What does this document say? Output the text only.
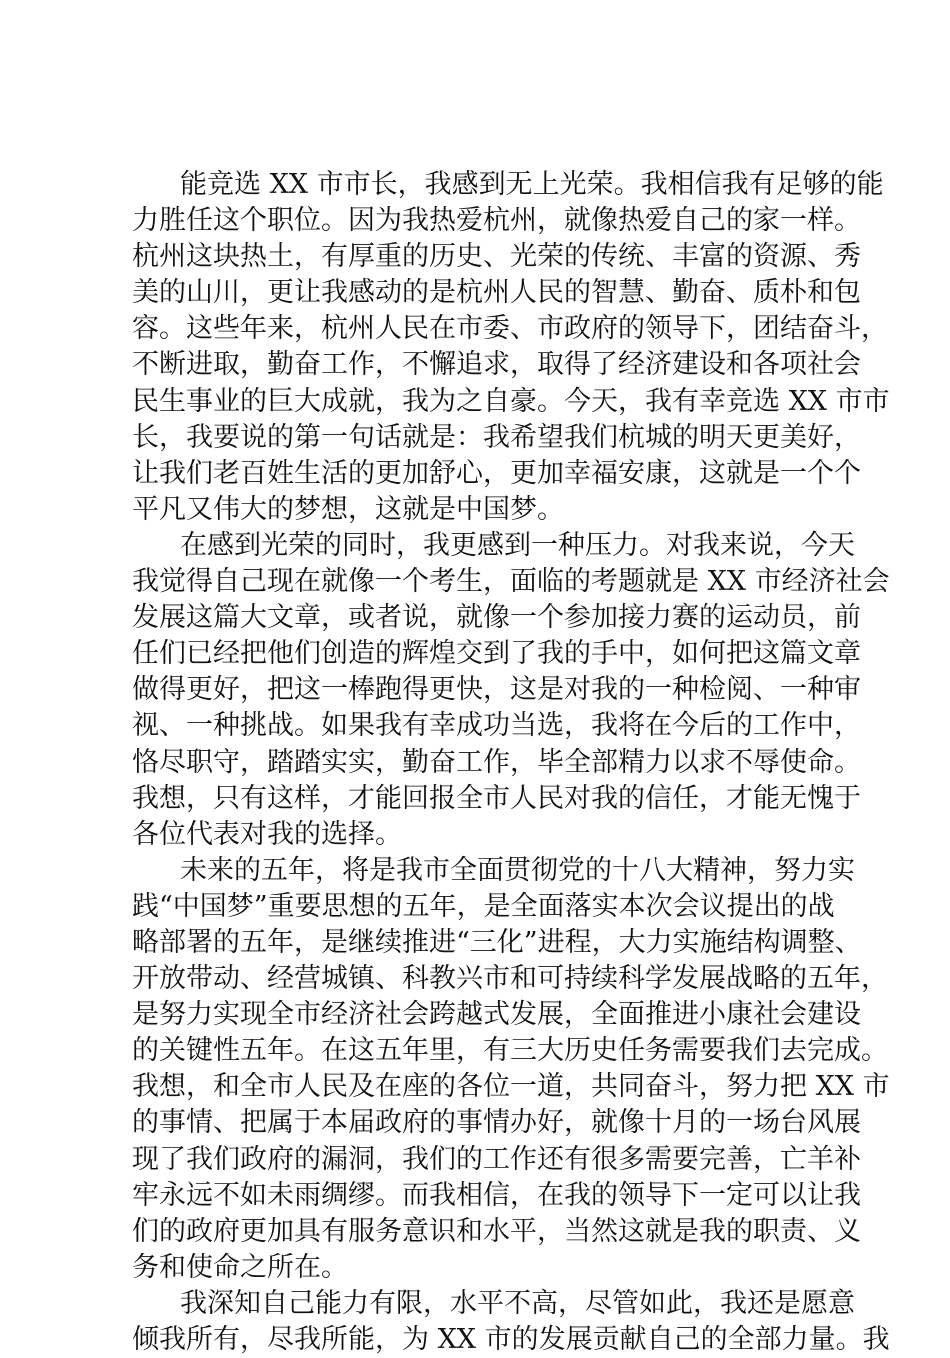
能竞选 XX 市市长，我感到无上光荣。我相信我有足够的能
力胜任这个职位。因为我热爱杭州，就像热爱自己的家一样。
杭州这块热土，有厚重的历史、光荣的传统、丰富的资源、秀
美的山川，更让我感动的是杭州人民的智慧、勤奋、质朴和包
容。这些年来，杭州人民在市委、市政府的领导下，团结奋斗，
不断进取，勤奋工作，不懈追求，取得了经济建设和各项社会
民生事业的巨大成就，我为之自豪。今天，我有幸竞选 XX 市市
长，我要说的第一句话就是：我希望我们杭城的明天更美好，
让我们老百姓生活的更加舒心，更加幸福安康，这就是一个个
平凡又伟大的梦想，这就是中国梦。
在感到光荣的同时，我更感到一种压力。对我来说，今天
我觉得自己现在就像一个考生，面临的考题就是 XX 市经济社会
发展这篇大文章，或者说，就像一个参加接力赛的运动员，前
任们已经把他们创造的辉煌交到了我的手中，如何把这篇文章
做得更好，把这一棒跑得更快，这是对我的一种检阅、一种审
视、一种挑战。如果我有幸成功当选，我将在今后的工作中，
恪尽职守，踏踏实实，勤奋工作，毕全部精力以求不辱使命。
我想，只有这样，才能回报全市人民对我的信任，才能无愧于
各位代表对我的选择。
未来的五年，将是我市全面贯彻党的十八大精神，努力实
践“中国梦”重要思想的五年，是全面落实本次会议提出的战
略部署的五年，是继续推进“三化”进程，大力实施结构调整、
开放带动、经营城镇、科教兴市和可持续科学发展战略的五年，
是努力实现全市经济社会跨越式发展，全面推进小康社会建设
的关键性五年。在这五年里，有三大历史任务需要我们去完成。
我想，和全市人民及在座的各位一道，共同奋斗，努力把 XX 市
的事情、把属于本届政府的事情办好，就像十月的一场台风展
现了我们政府的漏洞，我们的工作还有很多需要完善，亡羊补
牢永远不如未雨绸缪。而我相信，在我的领导下一定可以让我
们的政府更加具有服务意识和水平，当然这就是我的职责、义
务和使命之所在。
我深知自己能力有限，水平不高，尽管如此，我还是愿意
倾我所有，尽我所能，为 XX 市的发展贡献自己的全部力量。我
